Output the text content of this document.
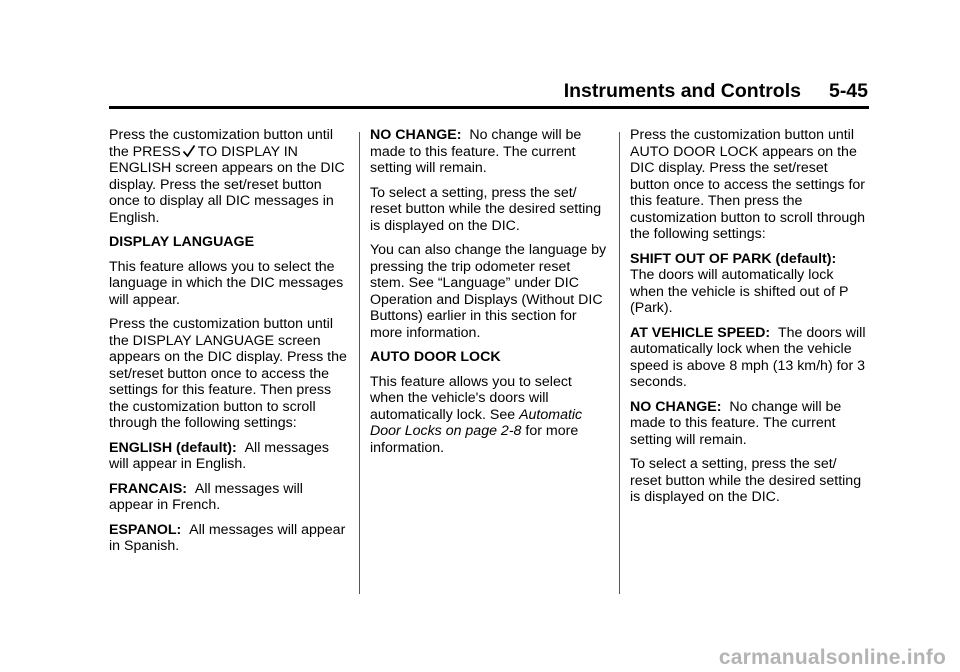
Instruments and Controls 5-45

Press the customization button until the PRESS TO DISPLAY IN ENGLISH screen appears on the DIC display. Press the set/reset button once to display all DIC messages in English.

DISPLAY LANGUAGE

This feature allows you to select the language in which the DIC messages will appear.

Press the customization button until the DISPLAY LANGUAGE screen appears on the DIC display. Press the set/reset button once to access the settings for this feature. Then press the customization button to scroll through the following settings:

ENGLISH (default): All messages will appear in English.

FRANCAIS: All messages will appear in French.

ESPANOL: All messages will appear in Spanish.

NO CHANGE: No change will be made to this feature. The current setting will remain.

To select a setting, press the set/ reset button while the desired setting is displayed on the DIC.

You can also change the language by pressing the trip odometer reset stem. See “Language” under DIC Operation and Displays (Without DIC Buttons) earlier in this section for more information.

AUTO DOOR LOCK

This feature allows you to select when the vehicle's doors will automatically lock. See Automatic Door Locks on page 2-8 for more information.

Press the customization button until AUTO DOOR LOCK appears on the DIC display. Press the set/reset button once to access the settings for this feature. Then press the customization button to scroll through the following settings:

SHIFT OUT OF PARK (default):
The doors will automatically lock when the vehicle is shifted out of P (Park).

AT VEHICLE SPEED: The doors will automatically lock when the vehicle speed is above 8 mph (13 km/h) for 3 seconds.

NO CHANGE: No change will be made to this feature. The current setting will remain.

To select a setting, press the set/ reset button while the desired setting is displayed on the DIC.

carmanualsonline.info
